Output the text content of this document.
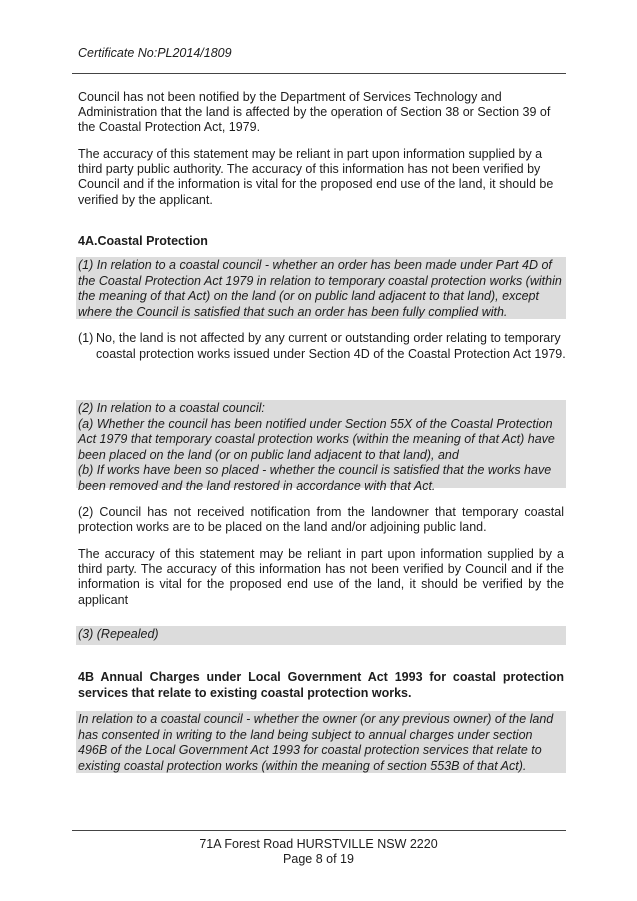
Certificate No:PL2014/1809
Council has not been notified by the Department of Services Technology and Administration that the land is affected by the operation of Section 38 or Section 39 of the Coastal Protection Act, 1979.
The accuracy of this statement may be reliant in part upon information supplied by a third party public authority. The accuracy of this information has not been verified by Council and if the information is vital for the proposed end use of the land, it should be verified by the applicant.
4A.Coastal Protection
(1) In relation to a coastal council - whether an order has been made under Part 4D of the Coastal Protection Act 1979 in relation to temporary coastal protection works (within the meaning of that Act) on the land (or on public land adjacent to that land), except where the Council is satisfied that such an order has been fully complied with.
(1) No, the land is not affected by any current or outstanding order relating to temporary coastal protection works issued under Section 4D of the Coastal Protection Act 1979.
(2) In relation to a coastal council:
(a) Whether the council has been notified under Section 55X of the Coastal Protection Act 1979 that temporary coastal protection works (within the meaning of that Act) have been placed on the land (or on public land adjacent to that land), and
(b) If works have been so placed - whether the council is satisfied that the works have been removed and the land restored in accordance with that Act.
(2) Council has not received notification from the landowner that temporary coastal protection works are to be placed on the land and/or adjoining public land.
The accuracy of this statement may be reliant in part upon information supplied by a third party. The accuracy of this information has not been verified by Council and if the information is vital for the proposed end use of the land, it should be verified by the applicant
(3) (Repealed)
4B Annual Charges under Local Government Act 1993 for coastal protection services that relate to existing coastal protection works.
In relation to a coastal council - whether the owner (or any previous owner) of the land has consented in writing to the land being subject to annual charges under section 496B of the Local Government Act 1993 for coastal protection services that relate to existing coastal protection works (within the meaning of section 553B of that Act).
71A Forest Road HURSTVILLE NSW 2220
Page 8 of 19
